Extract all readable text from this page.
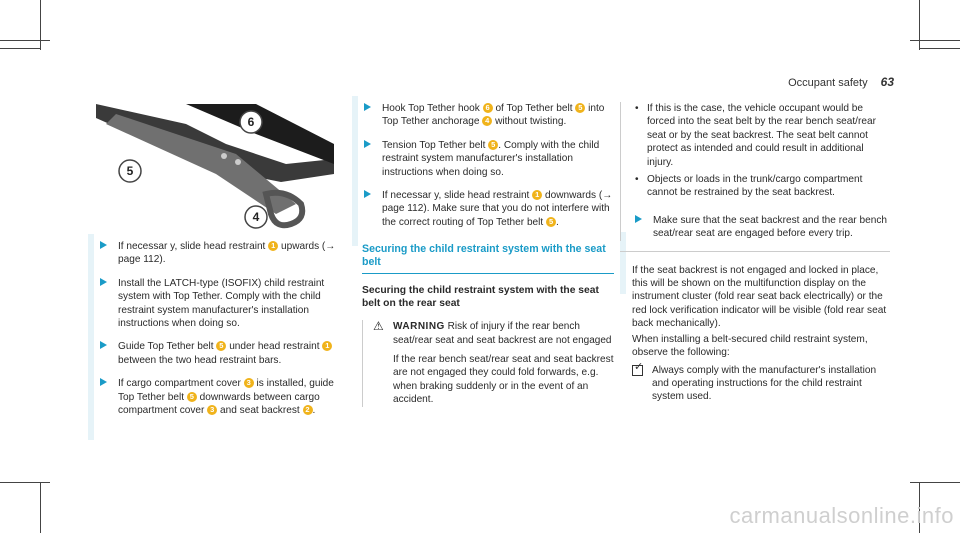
Occupant safety 63
6
5
4
If necessar y, slide head restraint 1 upwards (→ page 112).
Install the LATCH-type (ISOFIX) child restraint system with Top Tether. Comply with the child restraint system manufacturer's installation instructions when doing so.
Guide Top Tether belt 5 under head restraint 1 between the two head restraint bars.
If cargo compartment cover 3 is installed, guide Top Tether belt 5 downwards between cargo compartment cover 3 and seat backrest 2 .
Hook Top Tether hook 6 of Top Tether belt 5 into Top Tether anchorage 4 without twisting.
Tension Top Tether belt 5 . Comply with the child restraint system manufacturer's installation instructions when doing so.
If necessar y, slide head restraint 1 downwards (→ page 112). Make sure that you do not interfere with the correct routing of Top Tether belt 5 .
Securing the child restraint system with the seat belt
Securing the child restraint system with the seat belt on the rear seat
⚠ WARNING Risk of injury if the rear bench seat/rear seat and seat backrest are not engaged
If the rear bench seat/rear seat and seat backrest are not engaged they could fold forwards, e.g. when braking suddenly or in the event of an accident.
• If this is the case, the vehicle occupant would be forced into the seat belt by the rear bench seat/rear seat or by the seat backrest. The seat belt cannot protect as intended and could result in additional injury.
• Objects or loads in the trunk/cargo compartment cannot be restrained by the seat backrest.
Make sure that the seat backrest and the rear bench seat/rear seat are engaged before every trip.
If the seat backrest is not engaged and locked in place, this will be shown on the multifunction display on the instrument cluster (fold rear seat back electrically) or the red lock verification indicator will be visible (fold rear seat back mechanically).
When installing a belt-secured child restraint system, observe the following:
✓ Always comply with the manufacturer's installation and operating instructions for the child restraint system used.
carmanualsonline.info
